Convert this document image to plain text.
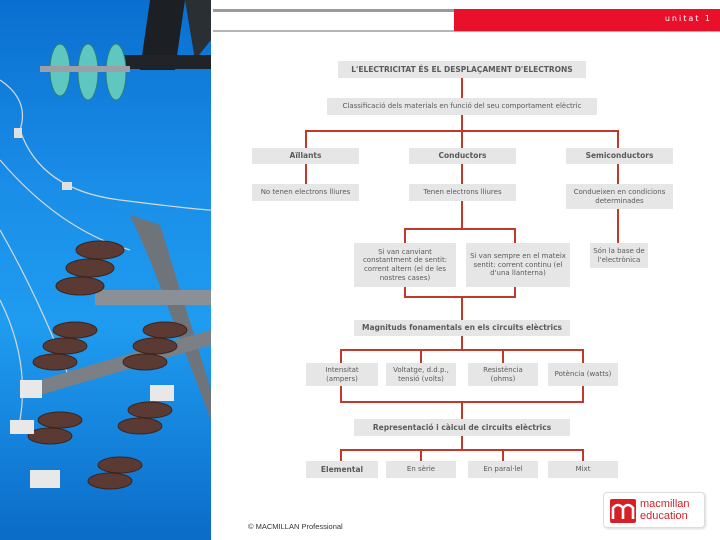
unitat 1
L'ELECTRICITAT ÉS EL DESPLAÇAMENT D'ELECTRONS
Classificació dels materials en funció del seu comportament elèctric
Aïllants	Conductors	Semiconductors
No tenen electrons lliures	Tenen electrons lliures	Condueixen en condicions determinades
Si van canviant constantment de sentit: corrent altern (el de les nostres cases)
Si van sempre en el mateix sentit: corrent continu (el d'una llanterna)
Són la base de l'electrònica
Magnituds fonamentals en els circuits elèctrics
Intensitat (ampers)
Voltatge, d.d.p., tensió (volts)
Resistència (ohms)
Potència (watts)
Representació i càlcul de circuits elèctrics
Elemental	En sèrie	En paral·lel	Mixt
© MACMILLAN Professional
macmillan
education
